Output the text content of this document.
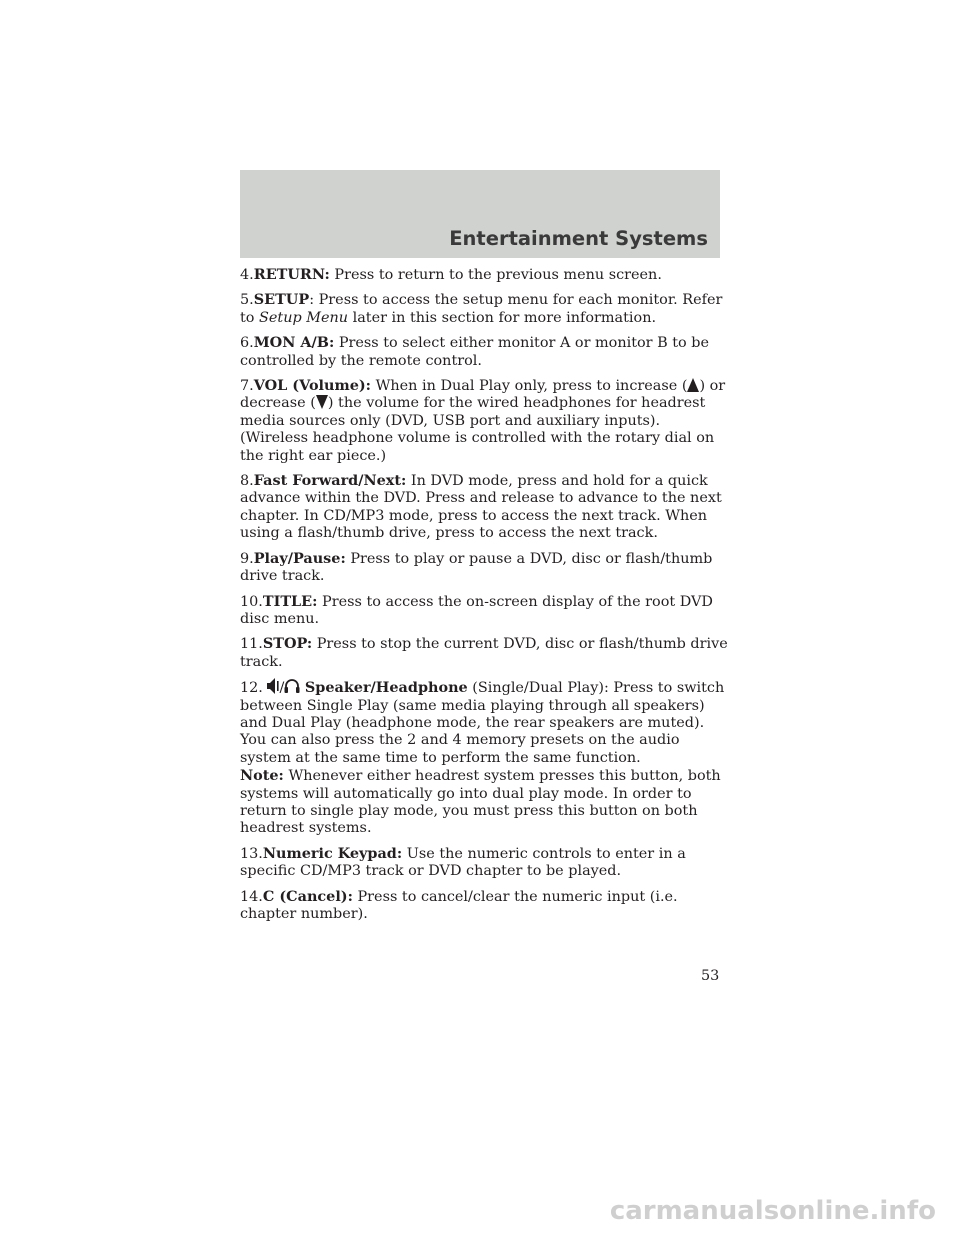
Entertainment Systems

4.RETURN: Press to return to the previous menu screen.

5.SETUP: Press to access the setup menu for each monitor. Refer to Setup Menu later in this section for more information.

6.MON A/B: Press to select either monitor A or monitor B to be controlled by the remote control.

7.VOL (Volume): When in Dual Play only, press to increase ( ) or decrease ( ) the volume for the wired headphones for headrest media sources only (DVD, USB port and auxiliary inputs). (Wireless headphone volume is controlled with the rotary dial on the right ear piece.)

8.Fast Forward/Next: In DVD mode, press and hold for a quick advance within the DVD. Press and release to advance to the next chapter. In CD/MP3 mode, press to access the next track. When using a flash/thumb drive, press to access the next track.

9.Play/Pause: Press to play or pause a DVD, disc or flash/thumb drive track.

10.TITLE: Press to access the on-screen display of the root DVD disc menu.

11.STOP: Press to stop the current DVD, disc or flash/thumb drive track.

12. / Speaker/Headphone (Single/Dual Play): Press to switch between Single Play (same media playing through all speakers) and Dual Play (headphone mode, the rear speakers are muted). You can also press the 2 and 4 memory presets on the audio system at the same time to perform the same function.

Note: Whenever either headrest system presses this button, both systems will automatically go into dual play mode. In order to return to single play mode, you must press this button on both headrest systems.

13.Numeric Keypad: Use the numeric controls to enter in a specific CD/MP3 track or DVD chapter to be played.

14.C (Cancel): Press to cancel/clear the numeric input (i.e. chapter number).

53
carmanualsonline.info
